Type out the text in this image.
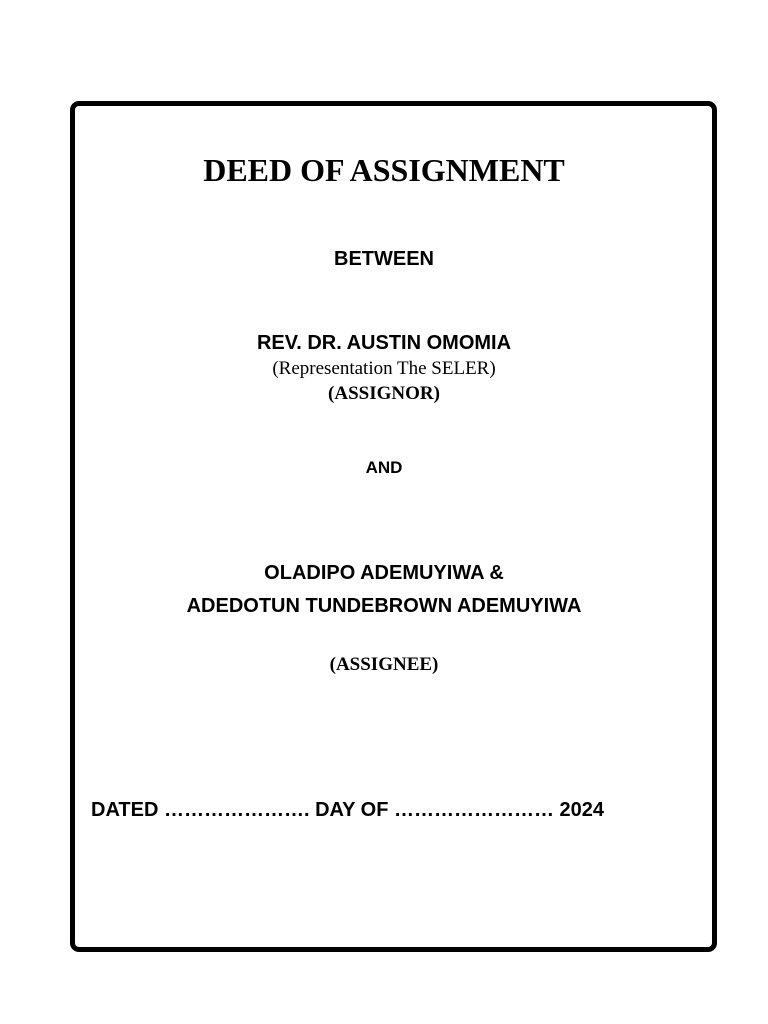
DEED OF ASSIGNMENT
BETWEEN
REV. DR. AUSTIN OMOMIA
(Representation The SELER)
(ASSIGNOR)
AND
OLADIPO ADEMUYIWA &
ADEDOTUN TUNDEBROWN ADEMUYIWA
(ASSIGNEE)
DATED …………………. DAY OF …………………… 2024
